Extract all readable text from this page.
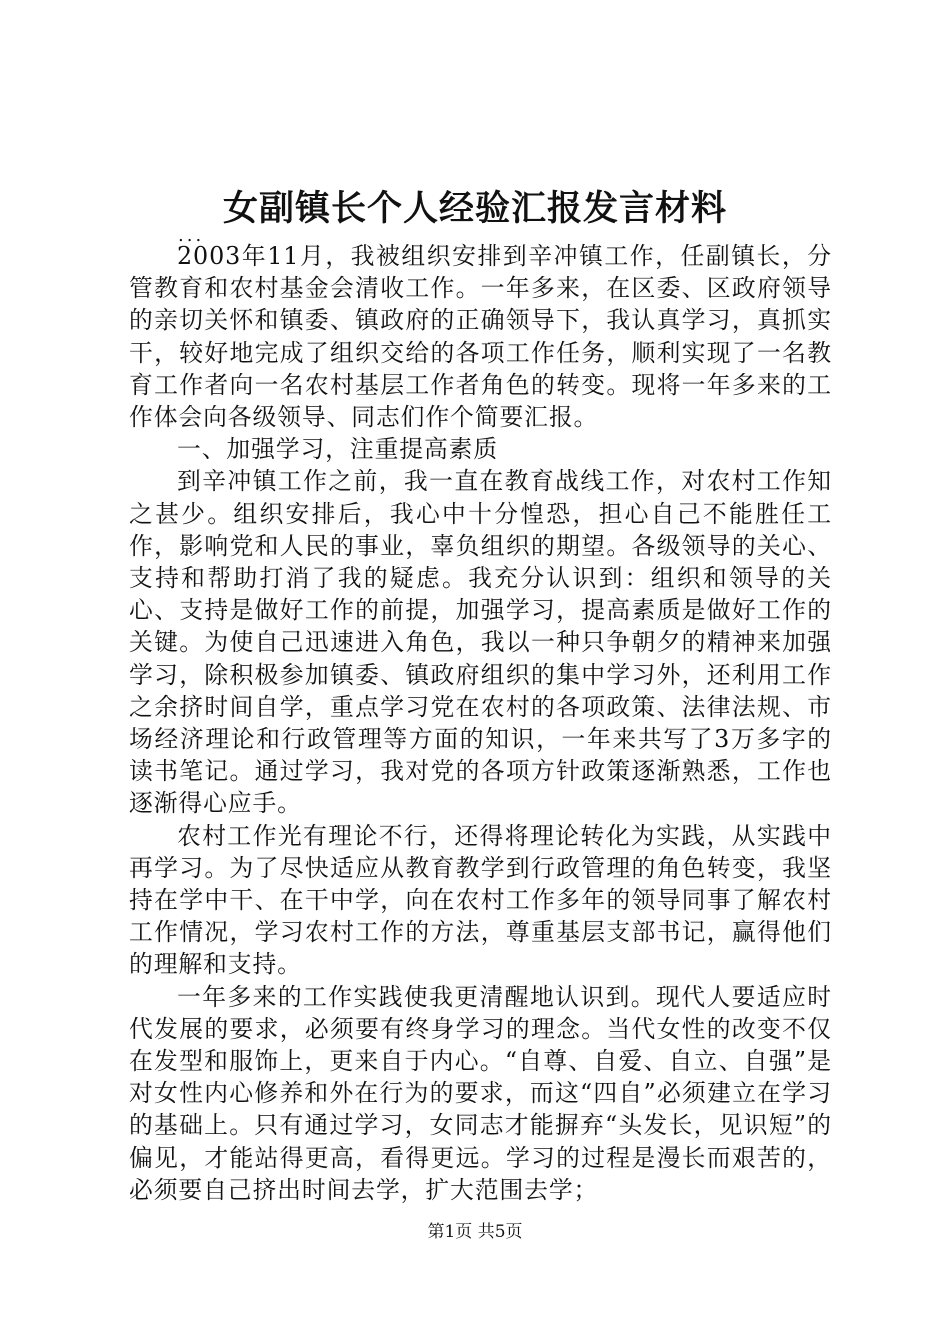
女副镇长个人经验汇报发言材料

...

2003年11月，我被组织安排到辛冲镇工作，任副镇长，分管教育和农村基金会清收工作。一年多来，在区委、区政府领导的亲切关怀和镇委、镇政府的正确领导下，我认真学习，真抓实干，较好地完成了组织交给的各项工作任务，顺利实现了一名教育工作者向一名农村基层工作者角色的转变。现将一年多来的工作体会向各级领导、同志们作个简要汇报。

一、加强学习，注重提高素质

到辛冲镇工作之前，我一直在教育战线工作，对农村工作知之甚少。组织安排后，我心中十分惶恐，担心自己不能胜任工作，影响党和人民的事业，辜负组织的期望。各级领导的关心、支持和帮助打消了我的疑虑。我充分认识到：组织和领导的关心、支持是做好工作的前提，加强学习，提高素质是做好工作的关键。为使自己迅速进入角色，我以一种只争朝夕的精神来加强学习，除积极参加镇委、镇政府组织的集中学习外，还利用工作之余挤时间自学，重点学习党在农村的各项政策、法律法规、市场经济理论和行政管理等方面的知识，一年来共写了3万多字的读书笔记。通过学习，我对党的各项方针政策逐渐熟悉，工作也逐渐得心应手。

农村工作光有理论不行，还得将理论转化为实践，从实践中再学习。为了尽快适应从教育教学到行政管理的角色转变，我坚持在学中干、在干中学，向在农村工作多年的领导同事了解农村工作情况，学习农村工作的方法，尊重基层支部书记，赢得他们的理解和支持。

一年多来的工作实践使我更清醒地认识到。现代人要适应时代发展的要求，必须要有终身学习的理念。当代女性的改变不仅在发型和服饰上，更来自于内心。“自尊、自爱、自立、自强”是对女性内心修养和外在行为的要求，而这“四自”必须建立在学习的基础上。只有通过学习，女同志才能摒弃“头发长，见识短”的偏见，才能站得更高，看得更远。学习的过程是漫长而艰苦的，必须要自己挤出时间去学，扩大范围去学；

第1页 共5页
